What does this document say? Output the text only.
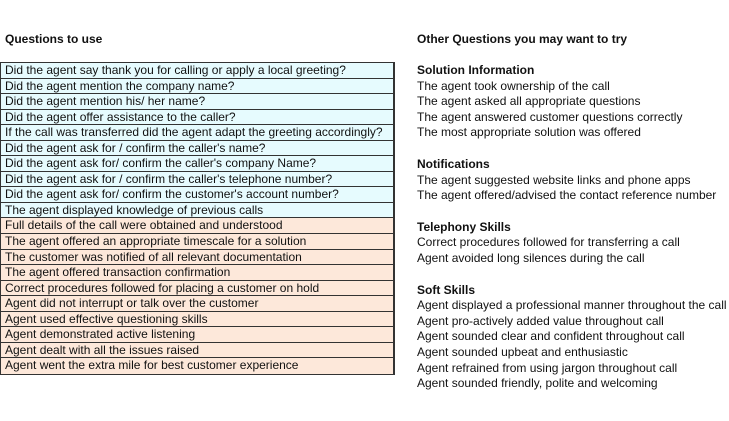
Questions to use
Did the agent say thank you for calling or apply a local greeting?
Did the agent mention the company name?
Did the agent mention his/ her name?
Did the agent offer assistance to the caller?
If the call was transferred did the agent adapt the greeting accordingly?
Did the agent ask for / confirm the caller's name?
Did the agent ask for/ confirm the caller's company Name?
Did the agent ask for / confirm the caller's telephone number?
Did the agent ask for/ confirm the customer's account number?
The agent displayed knowledge of previous calls
Full details of the call were obtained and understood
The agent offered an appropriate timescale for a solution
The customer was notified of all relevant documentation
The agent offered transaction confirmation
Correct procedures followed for placing a customer on hold
Agent did not interrupt or talk over the customer
Agent used effective questioning skills
Agent demonstrated active listening
Agent dealt with all the issues raised
Agent went the extra mile for best customer experience
Other Questions you may want to try
Solution Information
The agent took ownership of the call
The agent asked all appropriate questions
The agent answered customer questions correctly
The most appropriate solution was offered
Notifications
The agent suggested website links and phone apps
The agent offered/advised the contact reference number
Telephony Skills
Correct procedures followed for transferring a call
Agent avoided long silences during the call
Soft Skills
Agent displayed a professional manner throughout the call
Agent pro-actively added value throughout call
Agent sounded clear and confident throughout call
Agent sounded upbeat and enthusiastic
Agent refrained from using jargon throughout call
Agent sounded friendly, polite and welcoming
